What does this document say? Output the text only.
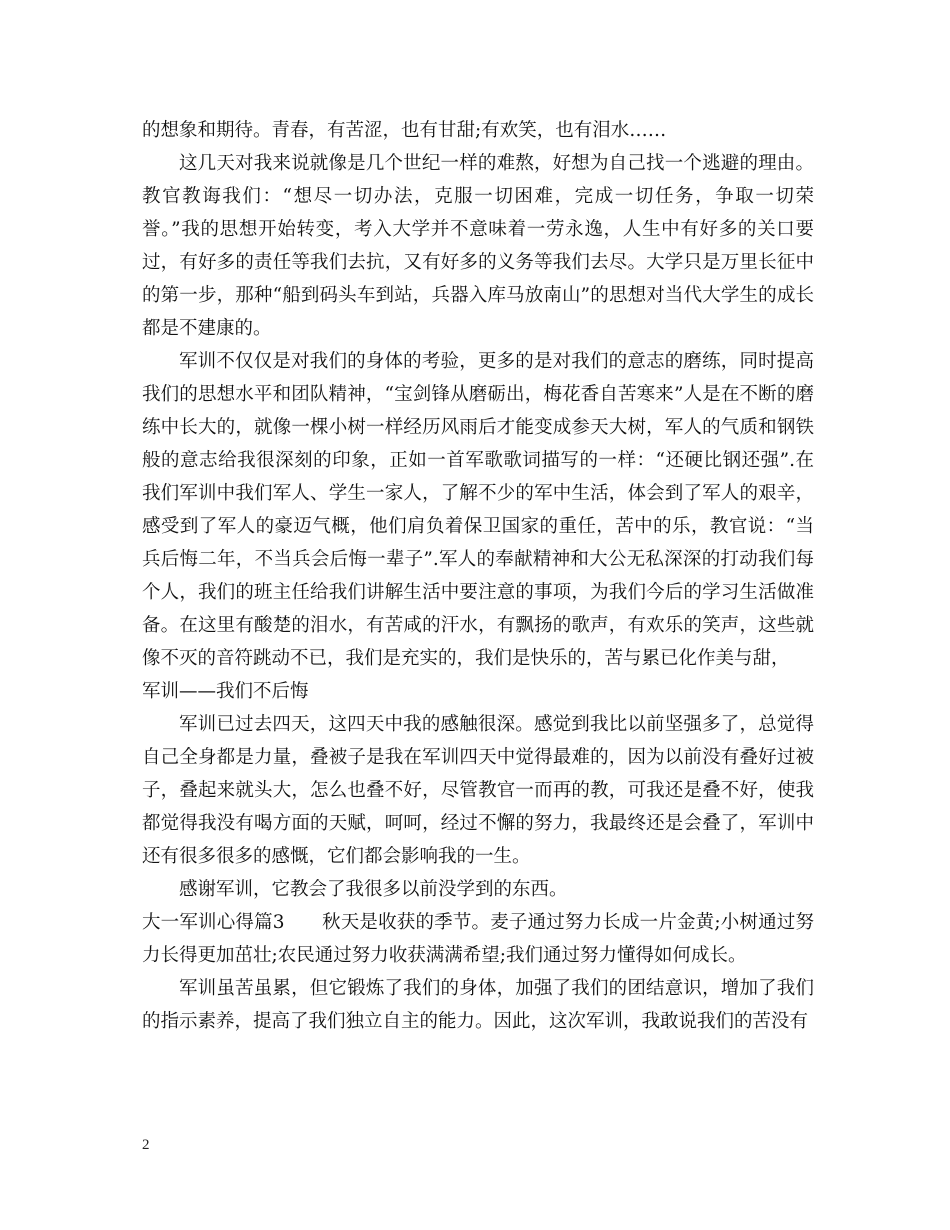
的想象和期待。青春，有苦涩，也有甘甜;有欢笑，也有泪水……

这几天对我来说就像是几个世纪一样的难熬，好想为自己找一个逃避的理由。教官教诲我们：“想尽一切办法，克服一切困难，完成一切任务，争取一切荣誉。”我的思想开始转变，考入大学并不意味着一劳永逸，人生中有好多的关口要过，有好多的责任等我们去抗，又有好多的义务等我们去尽。大学只是万里长征中的第一步，那种“船到码头车到站，兵器入库马放南山”的思想对当代大学生的成长都是不建康的。

军训不仅仅是对我们的身体的考验，更多的是对我们的意志的磨练，同时提高我们的思想水平和团队精神，“宝剑锋从磨砺出，梅花香自苦寒来”人是在不断的磨练中长大的，就像一棵小树一样经历风雨后才能变成参天大树，军人的气质和钢铁般的意志给我很深刻的印象，正如一首军歌歌词描写的一样：“还硬比钢还强”.在我们军训中我们军人、学生一家人，了解不少的军中生活，体会到了军人的艰辛，感受到了军人的豪迈气概，他们肩负着保卫国家的重任，苦中的乐，教官说：“当兵后悔二年，不当兵会后悔一辈子”.军人的奉献精神和大公无私深深的打动我们每个人，我们的班主任给我们讲解生活中要注意的事项，为我们今后的学习生活做准备。在这里有酸楚的泪水，有苦咸的汗水，有飘扬的歌声，有欢乐的笑声，这些就像不灭的音符跳动不已，我们是充实的，我们是快乐的，苦与累已化作美与甜，

军训——我们不后悔

军训已过去四天，这四天中我的感触很深。感觉到我比以前坚强多了，总觉得自己全身都是力量，叠被子是我在军训四天中觉得最难的，因为以前没有叠好过被子，叠起来就头大，怎么也叠不好，尽管教官一而再的教，可我还是叠不好，使我都觉得我没有喝方面的天赋，呵呵，经过不懈的努力，我最终还是会叠了，军训中还有很多很多的感慨，它们都会影响我的一生。

感谢军训，它教会了我很多以前没学到的东西。

大一军训心得篇3　　秋天是收获的季节。麦子通过努力长成一片金黄;小树通过努力长得更加茁壮;农民通过努力收获满满希望;我们通过努力懂得如何成长。

军训虽苦虽累，但它锻炼了我们的身体，加强了我们的团结意识，增加了我们的指示素养，提高了我们独立自主的能力。因此，这次军训，我敢说我们的苦没有

2
